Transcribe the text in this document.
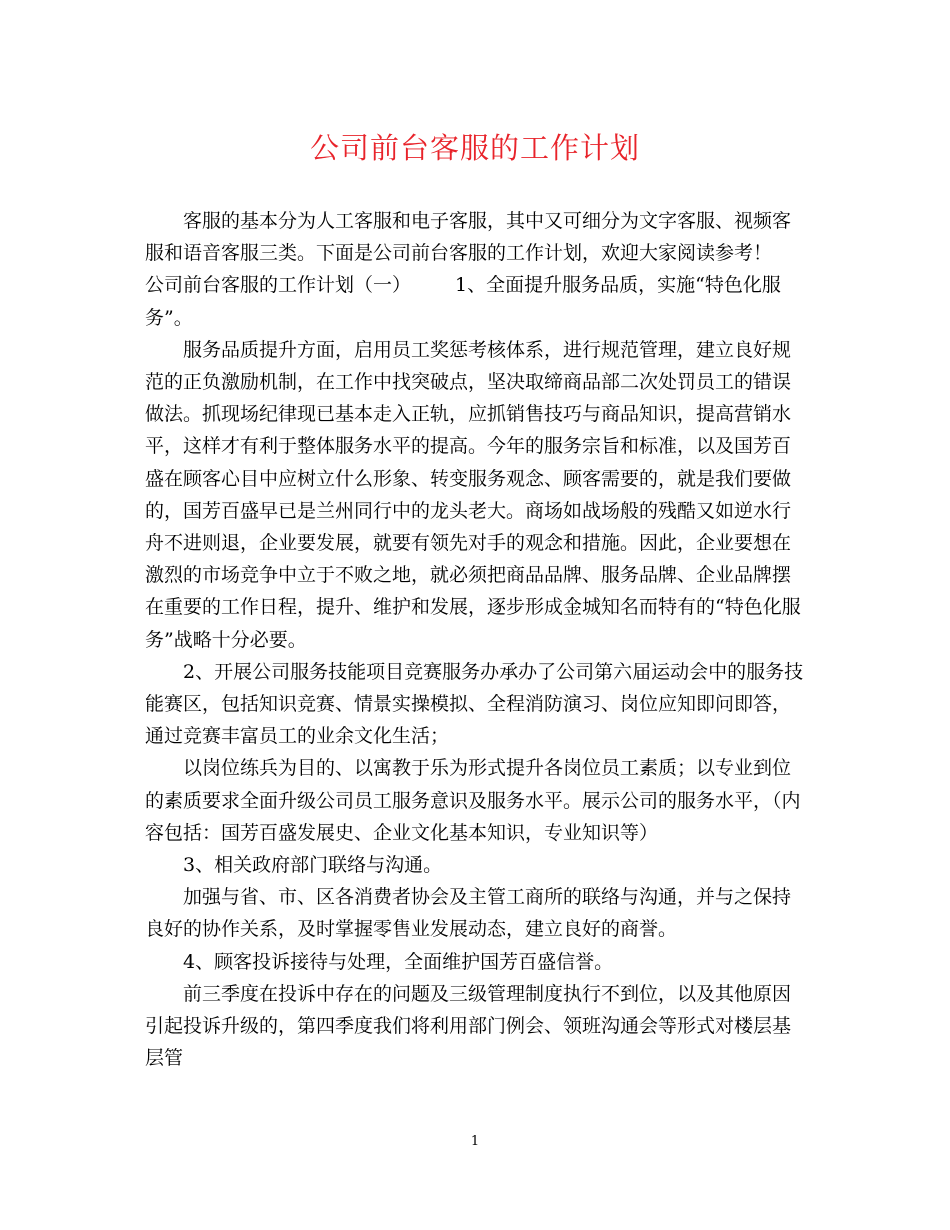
公司前台客服的工作计划

客服的基本分为人工客服和电子客服，其中又可细分为文字客服、视频客服和语音客服三类。下面是公司前台客服的工作计划，欢迎大家阅读参考！

公司前台客服的工作计划（一） 1、全面提升服务品质，实施“特色化服务”。

服务品质提升方面，启用员工奖惩考核体系，进行规范管理，建立良好规范的正负激励机制，在工作中找突破点，坚决取缔商品部二次处罚员工的错误做法。抓现场纪律现已基本走入正轨，应抓销售技巧与商品知识，提高营销水平，这样才有利于整体服务水平的提高。今年的服务宗旨和标准，以及国芳百盛在顾客心目中应树立什么形象、转变服务观念、顾客需要的，就是我们要做的，国芳百盛早已是兰州同行中的龙头老大。商场如战场般的残酷又如逆水行舟不进则退，企业要发展，就要有领先对手的观念和措施。因此，企业要想在激烈的市场竞争中立于不败之地，就必须把商品品牌、服务品牌、企业品牌摆在重要的工作日程，提升、维护和发展，逐步形成金城知名而特有的“特色化服务”战略十分必要。

2、开展公司服务技能项目竞赛服务办承办了公司第六届运动会中的服务技能赛区，包括知识竞赛、情景实操模拟、全程消防演习、岗位应知即问即答，通过竞赛丰富员工的业余文化生活；

以岗位练兵为目的、以寓教于乐为形式提升各岗位员工素质；以专业到位的素质要求全面升级公司员工服务意识及服务水平。展示公司的服务水平，（内容包括：国芳百盛发展史、企业文化基本知识，专业知识等）

3、相关政府部门联络与沟通。

加强与省、市、区各消费者协会及主管工商所的联络与沟通，并与之保持良好的协作关系，及时掌握零售业发展动态，建立良好的商誉。

4、顾客投诉接待与处理，全面维护国芳百盛信誉。

前三季度在投诉中存在的问题及三级管理制度执行不到位，以及其他原因引起投诉升级的，第四季度我们将利用部门例会、领班沟通会等形式对楼层基层管

1
